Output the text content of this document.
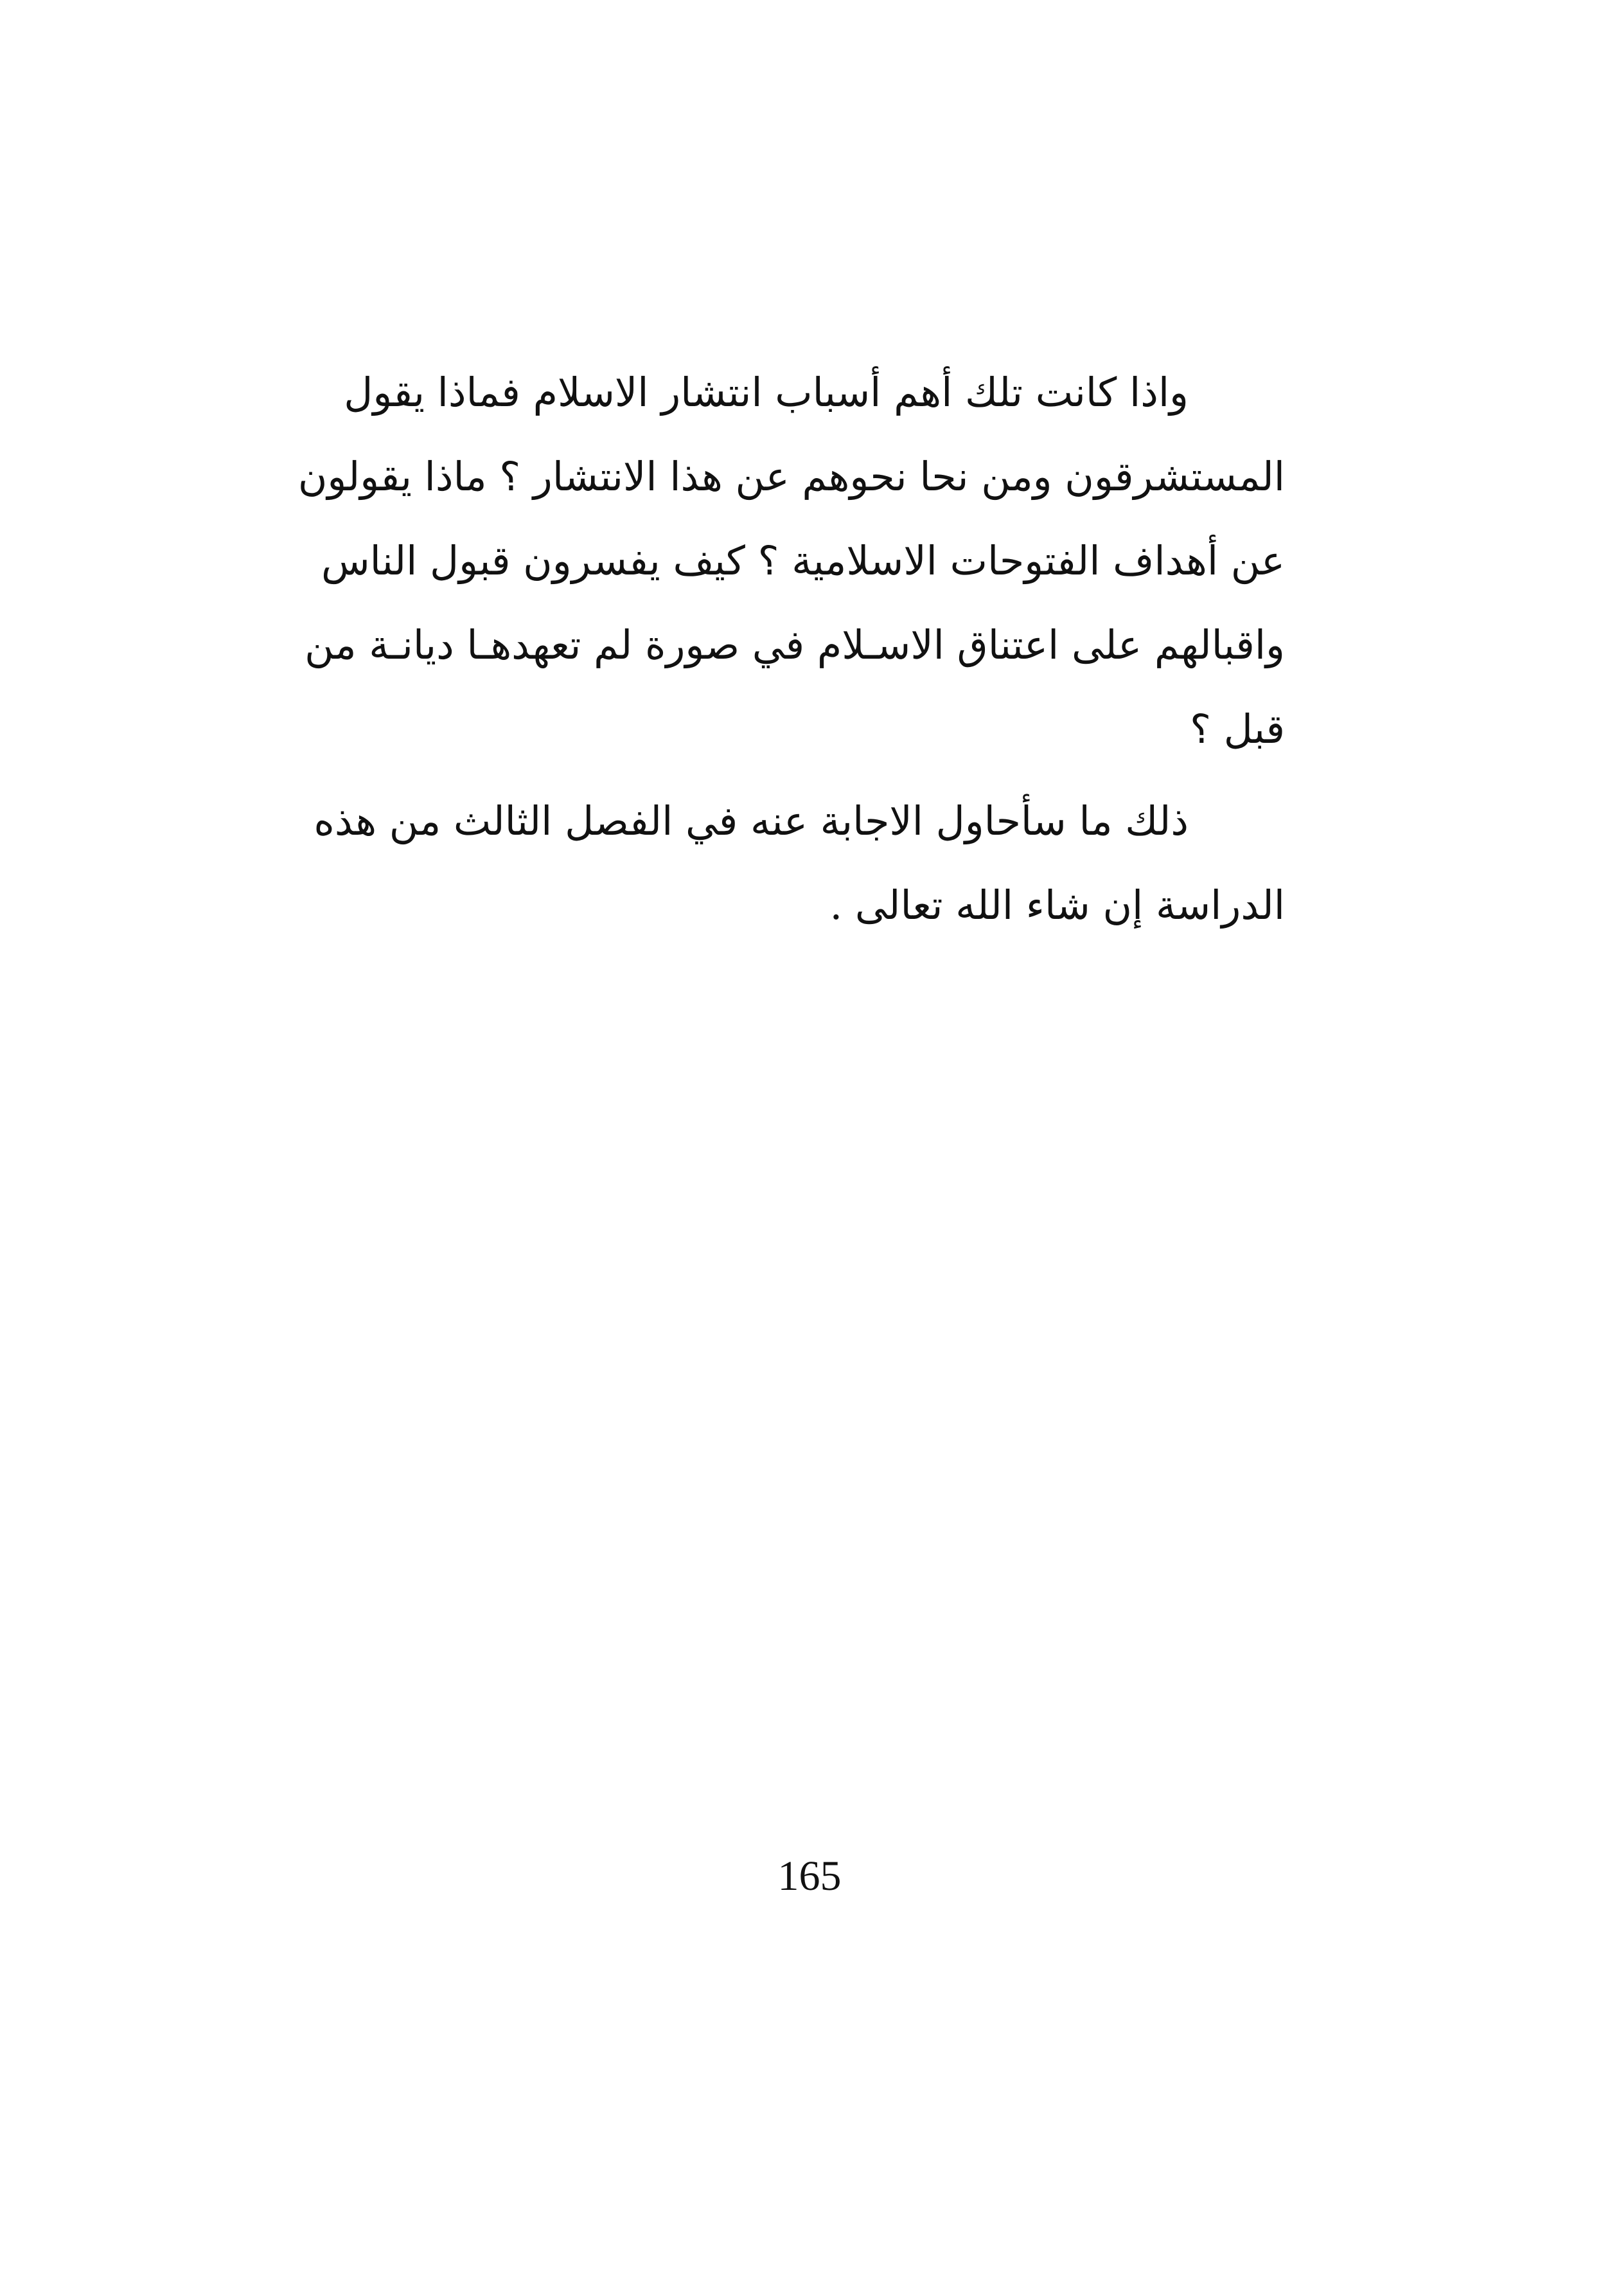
واذا كانت تلك أهم أسباب انتشار الاسلام فماذا يقول
المستشرقون ومن نحا نحوهم عن هذا الانتشار ؟ ماذا يقولون
عن أهداف الفتوحات الاسلامية ؟ كيف يفسرون قبول الناس
واقبالهم على اعتناق الاسـلام في صورة لم تعهدهـا ديانـة من
قبل ؟

ذلك ما سأحاول الاجابة عنه في الفصل الثالث من هذه
الدراسة إن شاء الله تعالى .

165
